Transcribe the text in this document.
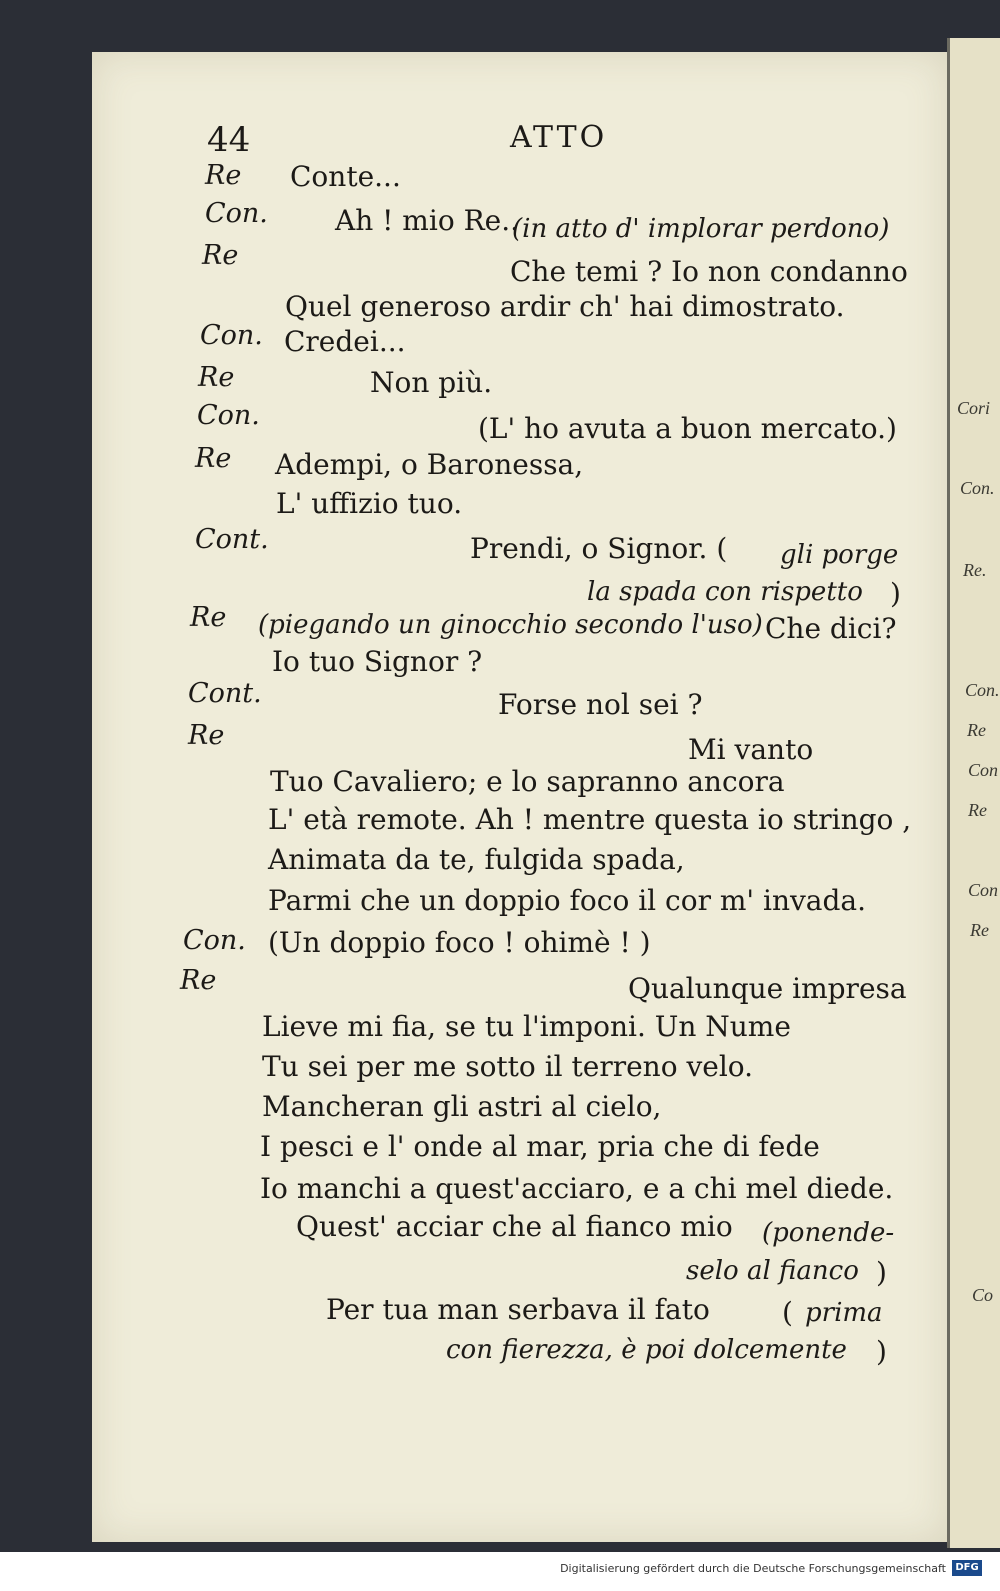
44	ATTO
Re
Con.
Re
Con.
Re
Con.
Re
Cont.
Re
Cont.
Re
Con.
Re
Conte...
Ah ! mio Re..
(in atto d' implorar perdono)
Che temi ? Io non condanno
Quel generoso ardir ch' hai dimostrato.
Credei...
Non più.
(L' ho avuta a buon mercato.)
Adempi, o Baronessa,
L' uffizio tuo.
Prendi, o Signor. ( gli porge
la spada con rispetto )
(piegando un ginocchio secondo l'uso) Che dici?
Io tuo Signor ?
Forse nol sei ?
Mi vanto
Tuo Cavaliero; e lo sapranno ancora
L' età remote. Ah ! mentre questa io stringo ,
Animata da te, fulgida spada,
Parmi che un doppio foco il cor m' invada.
(Un doppio foco ! ohimè ! )
Qualunque impresa
Lieve mi fia, se tu l'imponi. Un Nume
Tu sei per me sotto il terreno velo.
Mancheran gli astri al cielo,
I pesci e l' onde al mar, pria che di fede
Io manchi a quest'acciaro, e a chi mel diede.
Quest' acciar che al fianco mio (ponende-
selo al fianco )
Per tua man serbava il fato	( prima
con fierezza, è poi dolcemente )
Cori
Con.
Re.
Con.
Re
Con
Re
Con
Re
Co
Digitalisierung gefördert durch die Deutsche Forschungsgemeinschaft DFG
